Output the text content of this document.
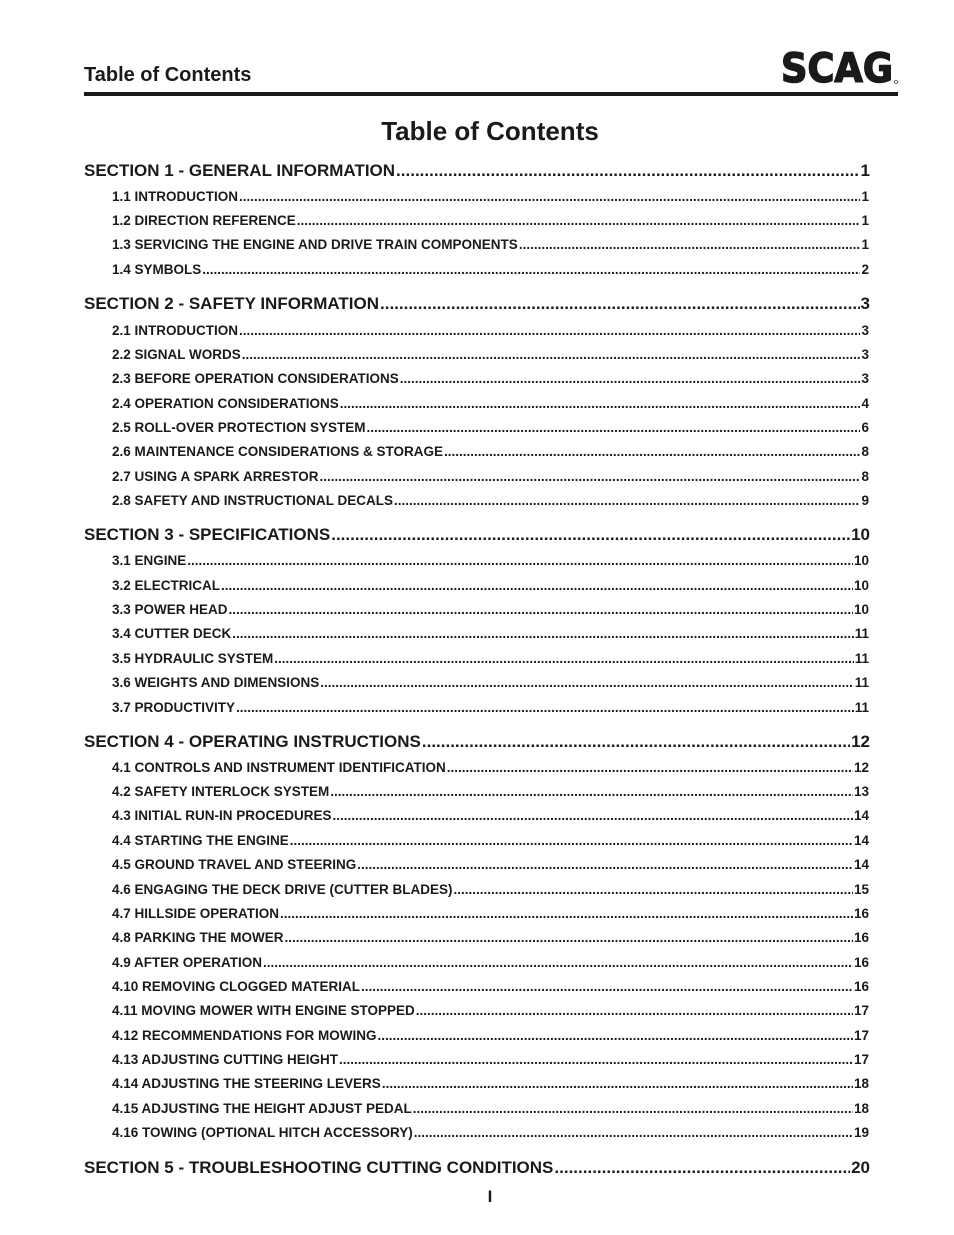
Table of Contents	SCAG
Table of Contents
SECTION 1 - GENERAL INFORMATION .....	1
1.1 INTRODUCTION .....	1
1.2 DIRECTION REFERENCE .....	1
1.3 SERVICING THE ENGINE AND DRIVE TRAIN COMPONENTS .....	1
1.4 SYMBOLS .....	2
SECTION 2 - SAFETY INFORMATION .....	3
2.1 INTRODUCTION .....	3
2.2 SIGNAL WORDS .....	3
2.3 BEFORE OPERATION CONSIDERATIONS .....	3
2.4 OPERATION CONSIDERATIONS .....	4
2.5 ROLL-OVER PROTECTION SYSTEM .....	6
2.6 MAINTENANCE CONSIDERATIONS & STORAGE .....	8
2.7 USING A SPARK ARRESTOR .....	8
2.8 SAFETY AND INSTRUCTIONAL DECALS .....	9
SECTION 3 - SPECIFICATIONS .....	10
3.1 ENGINE .....	10
3.2 ELECTRICAL .....	10
3.3 POWER HEAD .....	10
3.4 CUTTER DECK .....	11
3.5 HYDRAULIC SYSTEM .....	11
3.6 WEIGHTS AND DIMENSIONS .....	11
3.7 PRODUCTIVITY .....	11
SECTION 4 - OPERATING INSTRUCTIONS .....	12
4.1 CONTROLS AND INSTRUMENT IDENTIFICATION .....	12
4.2 SAFETY INTERLOCK SYSTEM .....	13
4.3 INITIAL RUN-IN PROCEDURES .....	14
4.4 STARTING THE ENGINE .....	14
4.5 GROUND TRAVEL AND STEERING .....	14
4.6 ENGAGING THE DECK DRIVE (CUTTER BLADES) .....	15
4.7 HILLSIDE OPERATION .....	16
4.8 PARKING THE MOWER .....	16
4.9 AFTER OPERATION .....	16
4.10 REMOVING CLOGGED MATERIAL .....	16
4.11 MOVING MOWER WITH ENGINE STOPPED .....	17
4.12 RECOMMENDATIONS FOR MOWING .....	17
4.13 ADJUSTING CUTTING HEIGHT .....	17
4.14 ADJUSTING THE STEERING LEVERS .....	18
4.15 ADJUSTING THE HEIGHT ADJUST PEDAL .....	18
4.16 TOWING (OPTIONAL HITCH ACCESSORY) .....	19
SECTION 5 - TROUBLESHOOTING CUTTING CONDITIONS .....	20
I
